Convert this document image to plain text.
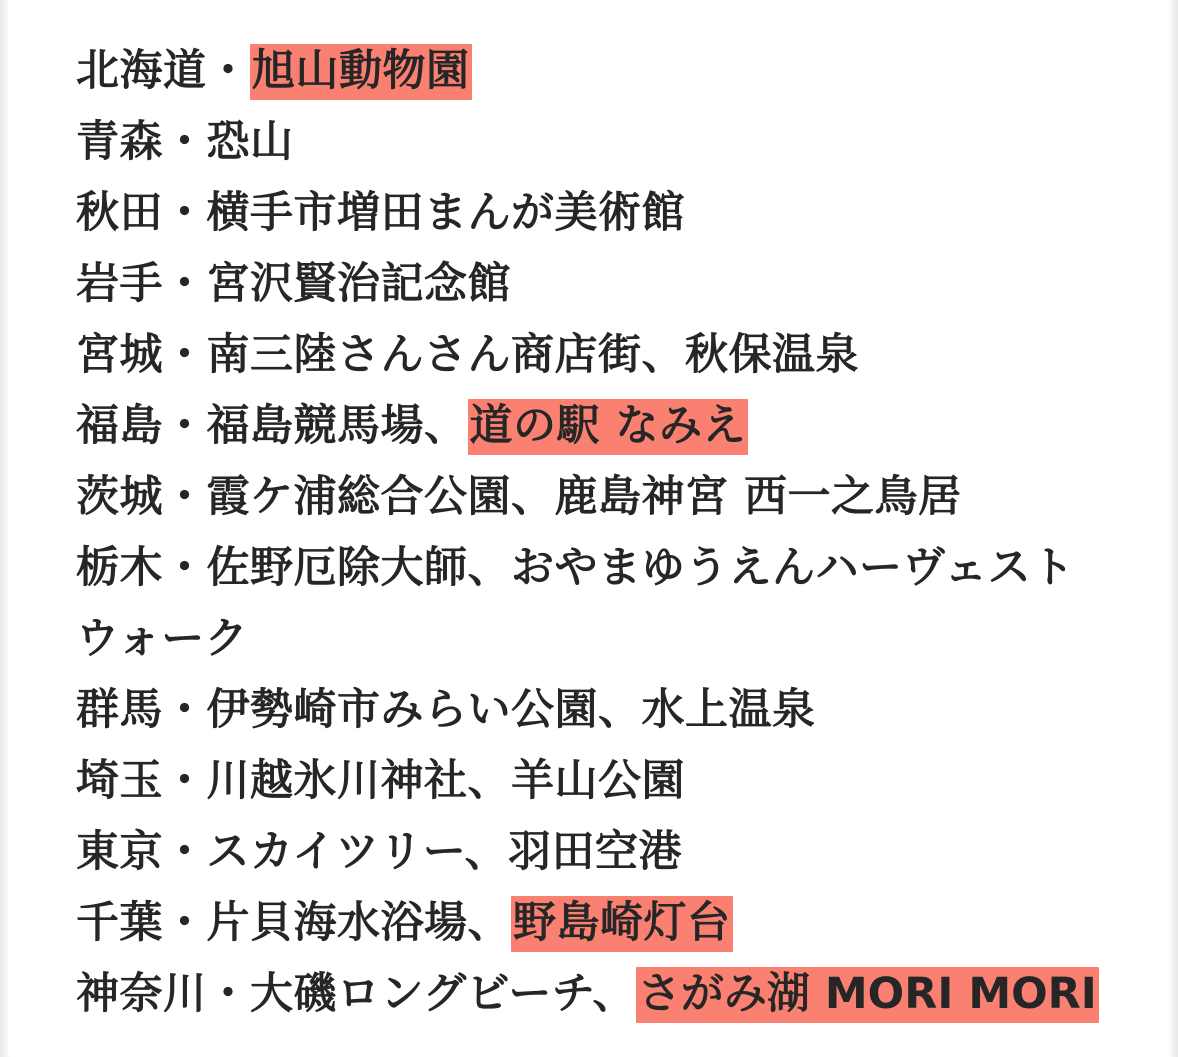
北海道・旭山動物園
青森・恐山
秋田・横手市増田まんが美術館
岩手・宮沢賢治記念館
宮城・南三陸さんさん商店街、秋保温泉
福島・福島競馬場、道の駅 なみえ
茨城・霞ケ浦総合公園、鹿島神宮 西一之鳥居
栃木・佐野厄除大師、おやまゆうえんハーヴェストウォーク
群馬・伊勢崎市みらい公園、水上温泉
埼玉・川越氷川神社、羊山公園
東京・スカイツリー、羽田空港
千葉・片貝海水浴場、野島崎灯台
神奈川・大磯ロングビーチ、さがみ湖 MORI MORI
